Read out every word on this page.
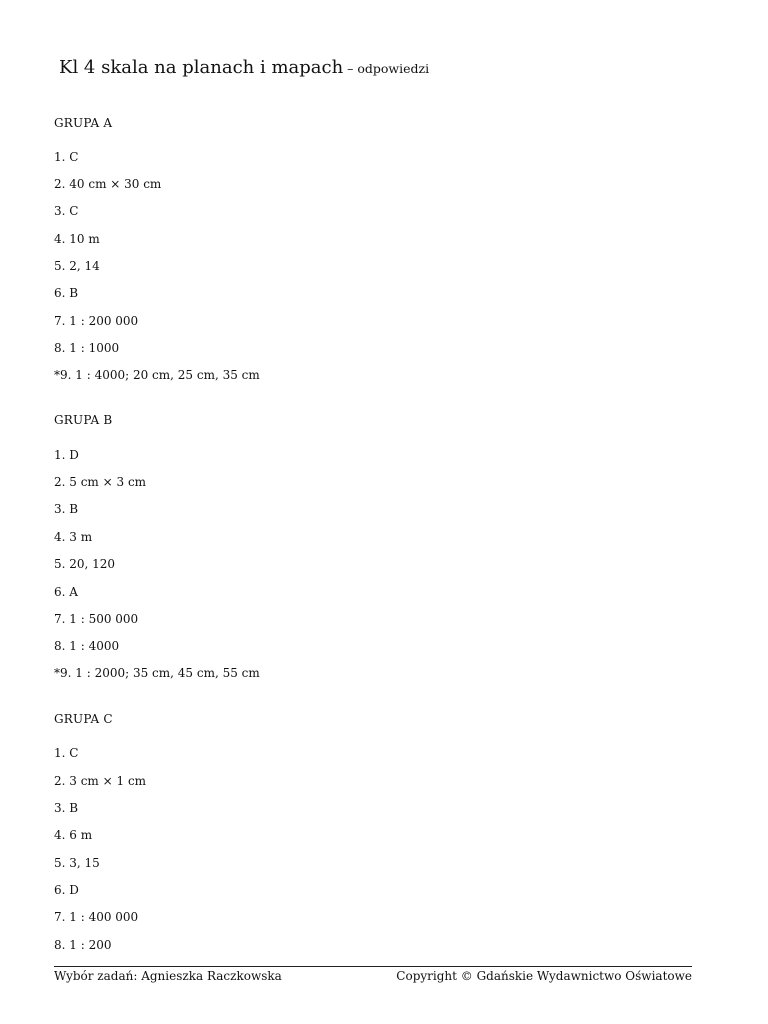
Kl 4 skala na planach i mapach – odpowiedzi
GRUPA A
1. C
2. 40 cm × 30 cm
3. C
4. 10 m
5. 2, 14
6. B
7. 1 : 200 000
8. 1 : 1000
*9. 1 : 4000; 20 cm, 25 cm, 35 cm
GRUPA B
1. D
2. 5 cm × 3 cm
3. B
4. 3 m
5. 20, 120
6. A
7. 1 : 500 000
8. 1 : 4000
*9. 1 : 2000; 35 cm, 45 cm, 55 cm
GRUPA C
1. C
2. 3 cm × 1 cm
3. B
4. 6 m
5. 3, 15
6. D
7. 1 : 400 000
8. 1 : 200
Wybór zadań: Agnieszka Raczkowska	Copyright © Gdańskie Wydawnictwo Oświatowe
